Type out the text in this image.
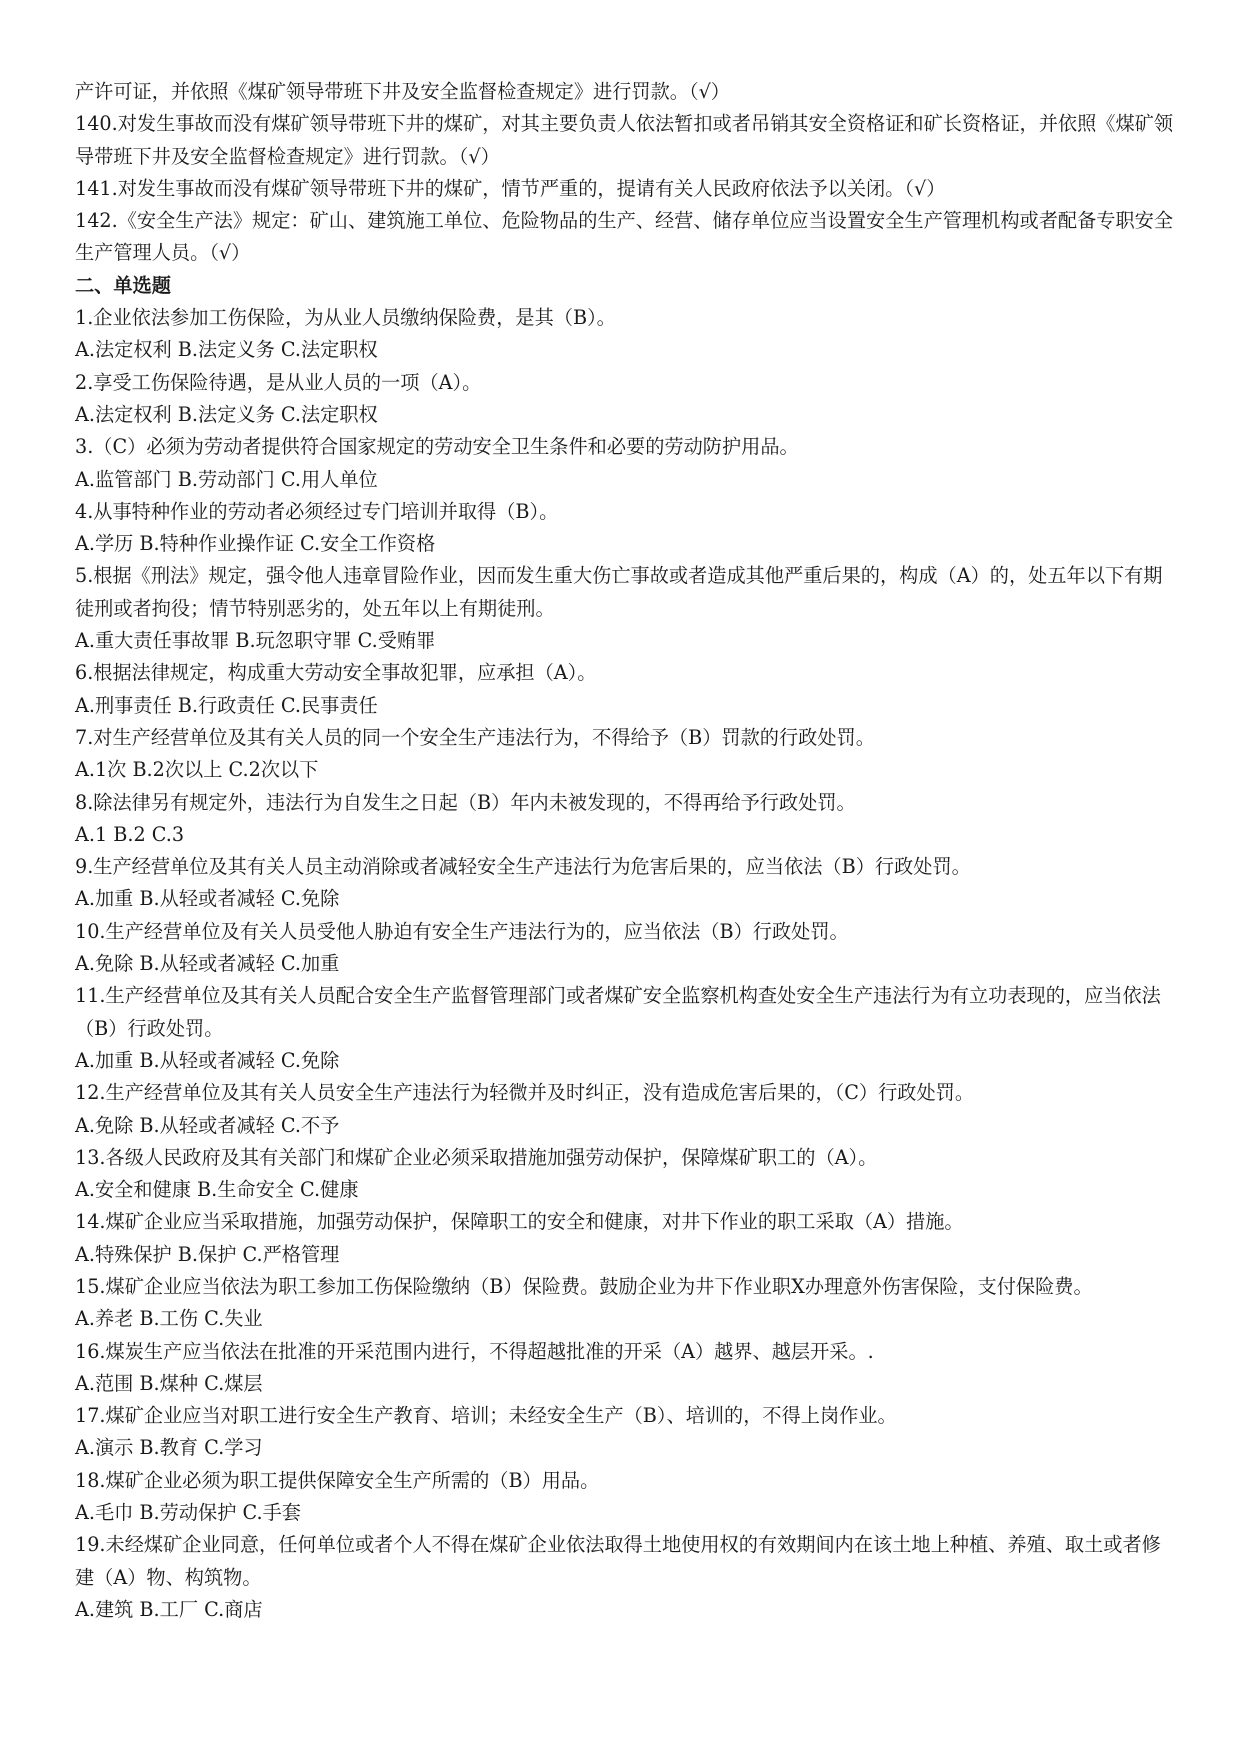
产许可证，并依照《煤矿领导带班下井及安全监督检查规定》进行罚款。（√）

140.对发生事故而没有煤矿领导带班下井的煤矿，对其主要负责人依法暂扣或者吊销其安全资格证和矿长资格证，并依照《煤矿领导带班下井及安全监督检查规定》进行罚款。（√）

141.对发生事故而没有煤矿领导带班下井的煤矿，情节严重的，提请有关人民政府依法予以关闭。（√）

142.《安全生产法》规定：矿山、建筑施工单位、危险物品的生产、经营、储存单位应当设置安全生产管理机构或者配备专职安全生产管理人员。（√）

二、单选题

1.企业依法参加工伤保险，为从业人员缴纳保险费，是其（B）。

A.法定权利 B.法定义务 C.法定职权

2.享受工伤保险待遇，是从业人员的一项（A）。

A.法定权利 B.法定义务 C.法定职权

3.（C）必须为劳动者提供符合国家规定的劳动安全卫生条件和必要的劳动防护用品。

A.监管部门 B.劳动部门 C.用人单位

4.从事特种作业的劳动者必须经过专门培训并取得（B）。

A.学历 B.特种作业操作证 C.安全工作资格

5.根据《刑法》规定，强令他人违章冒险作业，因而发生重大伤亡事故或者造成其他严重后果的，构成（A）的，处五年以下有期徒刑或者拘役；情节特别恶劣的，处五年以上有期徒刑。

A.重大责任事故罪 B.玩忽职守罪 C.受贿罪

6.根据法律规定，构成重大劳动安全事故犯罪，应承担（A）。

A.刑事责任 B.行政责任 C.民事责任

7.对生产经营单位及其有关人员的同一个安全生产违法行为，不得给予（B）罚款的行政处罚。

A.1次 B.2次以上 C.2次以下

8.除法律另有规定外，违法行为自发生之日起（B）年内未被发现的，不得再给予行政处罚。

A.1 B.2 C.3

9.生产经营单位及其有关人员主动消除或者减轻安全生产违法行为危害后果的，应当依法（B）行政处罚。

A.加重 B.从轻或者减轻 C.免除

10.生产经营单位及有关人员受他人胁迫有安全生产违法行为的，应当依法（B）行政处罚。

A.免除 B.从轻或者减轻 C.加重

11.生产经营单位及其有关人员配合安全生产监督管理部门或者煤矿安全监察机构查处安全生产违法行为有立功表现的，应当依法（B）行政处罚。

A.加重 B.从轻或者减轻 C.免除

12.生产经营单位及其有关人员安全生产违法行为轻微并及时纠正，没有造成危害后果的，（C）行政处罚。

A.免除 B.从轻或者减轻 C.不予

13.各级人民政府及其有关部门和煤矿企业必须采取措施加强劳动保护，保障煤矿职工的（A）。

A.安全和健康 B.生命安全 C.健康

14.煤矿企业应当采取措施，加强劳动保护，保障职工的安全和健康，对井下作业的职工采取（A）措施。

A.特殊保护 B.保护 C.严格管理

15.煤矿企业应当依法为职工参加工伤保险缴纳（B）保险费。鼓励企业为井下作业职X办理意外伤害保险，支付保险费。

A.养老 B.工伤 C.失业

16.煤炭生产应当依法在批准的开采范围内进行，不得超越批准的开采（A）越界、越层开采。.

A.范围 B.煤种 C.煤层

17.煤矿企业应当对职工进行安全生产教育、培训；未经安全生产（B）、培训的，不得上岗作业。

A.演示 B.教育 C.学习

18.煤矿企业必须为职工提供保障安全生产所需的（B）用品。

A.毛巾 B.劳动保护 C.手套

19.未经煤矿企业同意，任何单位或者个人不得在煤矿企业依法取得土地使用权的有效期间内在该土地上种植、养殖、取土或者修建（A）物、构筑物。

A.建筑 B.工厂 C.商店
